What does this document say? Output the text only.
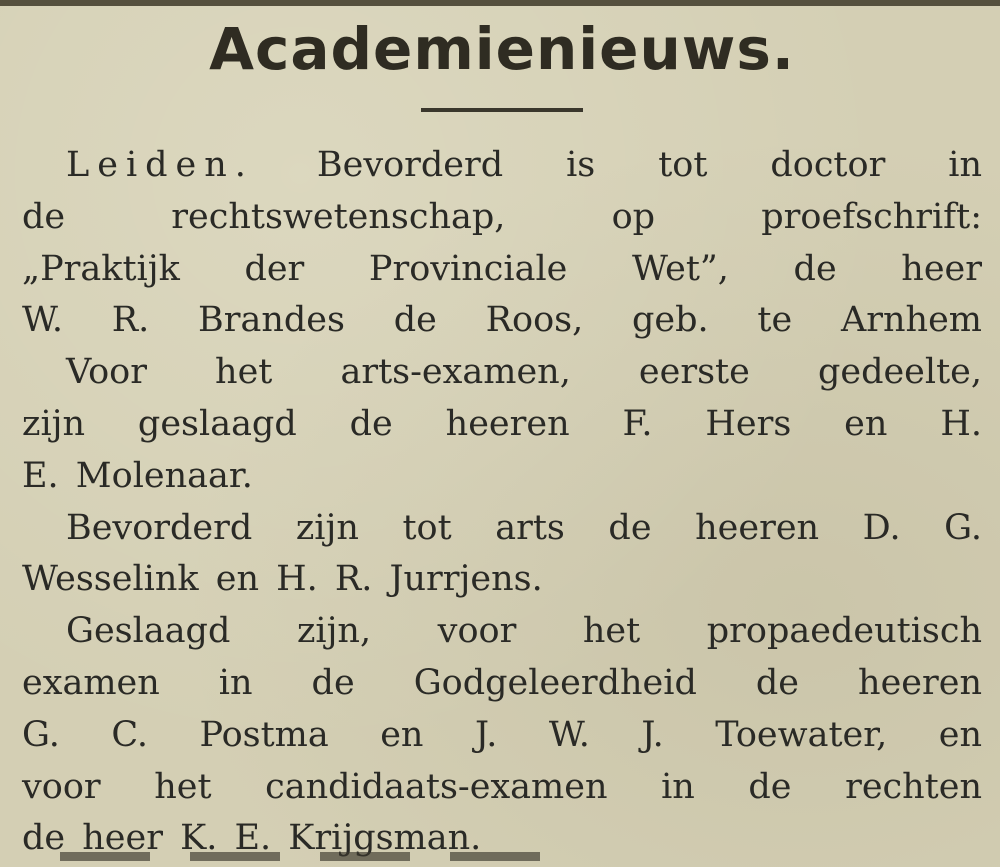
Academienieuws.
Leiden. Bevorderd is tot doctor in
de rechtswetenschap, op proefschrift:
„Praktijk der Provinciale Wet”, de heer
W. R. Brandes de Roos, geb. te Arnhem
Voor het arts-examen, eerste gedeelte,
zijn geslaagd de heeren F. Hers en H.
E. Molenaar.
Bevorderd zijn tot arts de heeren D. G.
Wesselink en H. R. Jurrjens.
Geslaagd zijn, voor het propaedeutisch
examen in de Godgeleerdheid de heeren
G. C. Postma en J. W. J. Toewater, en
voor het candidaats-examen in de rechten
de heer K. E. Krijgsman.
